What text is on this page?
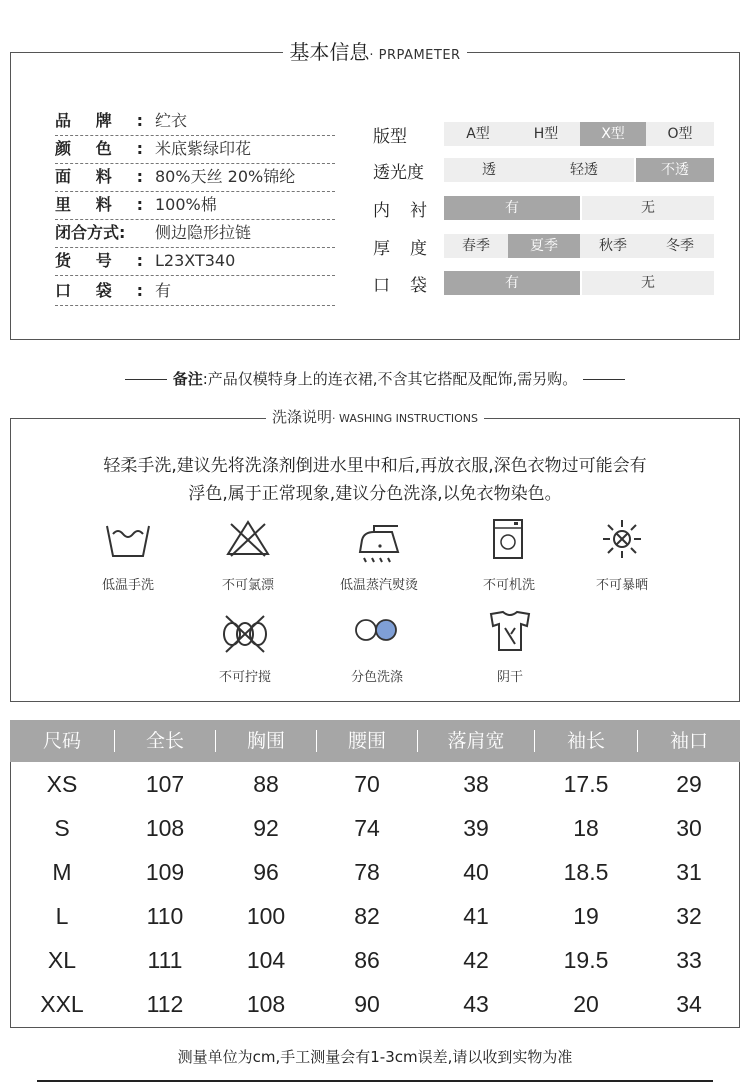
基本信息· PRPAMETER
品牌: 纻衣
颜色: 米底紫绿印花
面料: 80%天丝 20%锦纶
里料: 100%棉
闭合方式: 侧边隐形拉链
货号: L23XT340
口袋: 有
版型	A型	H型	X型	O型
透光度	透	轻透	不透
内衬	有	无
厚度	春季	夏季	秋季	冬季
口袋	有	无
备注:产品仅模特身上的连衣裙,不含其它搭配及配饰,需另购。
洗涤说明· WASHING INSTRUCTIONS
轻柔手洗,建议先将洗涤剂倒进水里中和后,再放衣服,深色衣物过可能会有
浮色,属于正常现象,建议分色洗涤,以免衣物染色。
低温手洗	不可氯漂	低温蒸汽熨烫	不可机洗	不可暴晒
不可拧搅	分色洗涤	阴干
尺码	全长	胸围	腰围	落肩宽	袖长	袖口
XS	107	88	70	38	17.5	29
S	108	92	74	39	18	30
M	109	96	78	40	18.5	31
L	110	100	82	41	19	32
XL	111	104	86	42	19.5	33
XXL	112	108	90	43	20	34
测量单位为cm,手工测量会有1-3cm误差,请以收到实物为准
